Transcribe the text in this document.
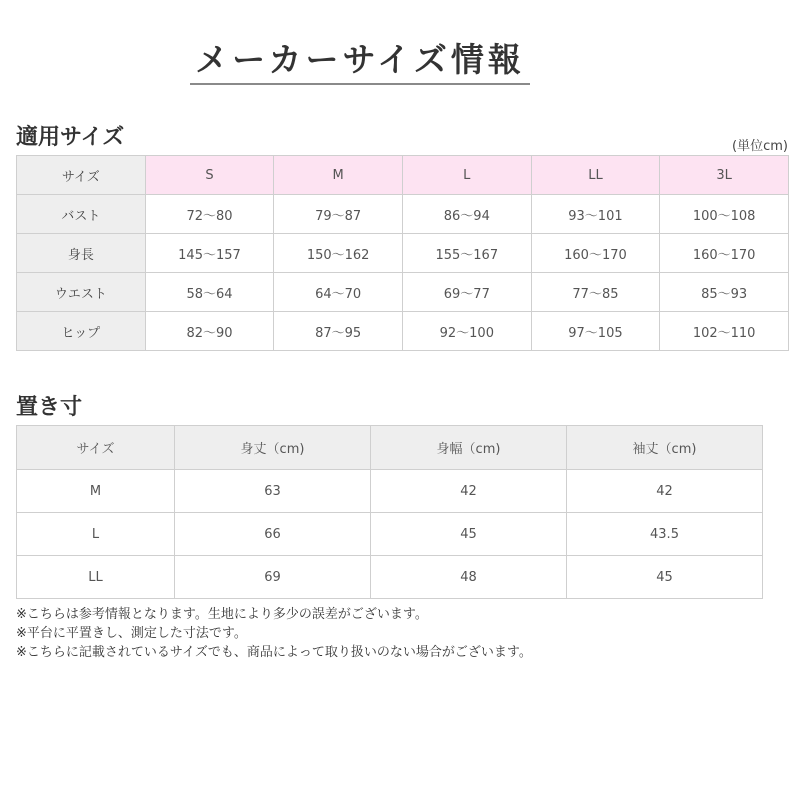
メーカーサイズ情報
適用サイズ	(単位cm)
サイズ	S	M	L	LL	3L
バスト	72〜80	79〜87	86〜94	93〜101	100〜108
身長	145〜157	150〜162	155〜167	160〜170	160〜170
ウエスト	58〜64	64〜70	69〜77	77〜85	85〜93
ヒップ	82〜90	87〜95	92〜100	97〜105	102〜110
置き寸
サイズ	身丈（cm)	身幅（cm)	袖丈（cm)
M	63	42	42
L	66	45	43.5
LL	69	48	45
※こちらは参考情報となります。生地により多少の誤差がございます。
※平台に平置きし、測定した寸法です。
※こちらに記載されているサイズでも、商品によって取り扱いのない場合がございます。
